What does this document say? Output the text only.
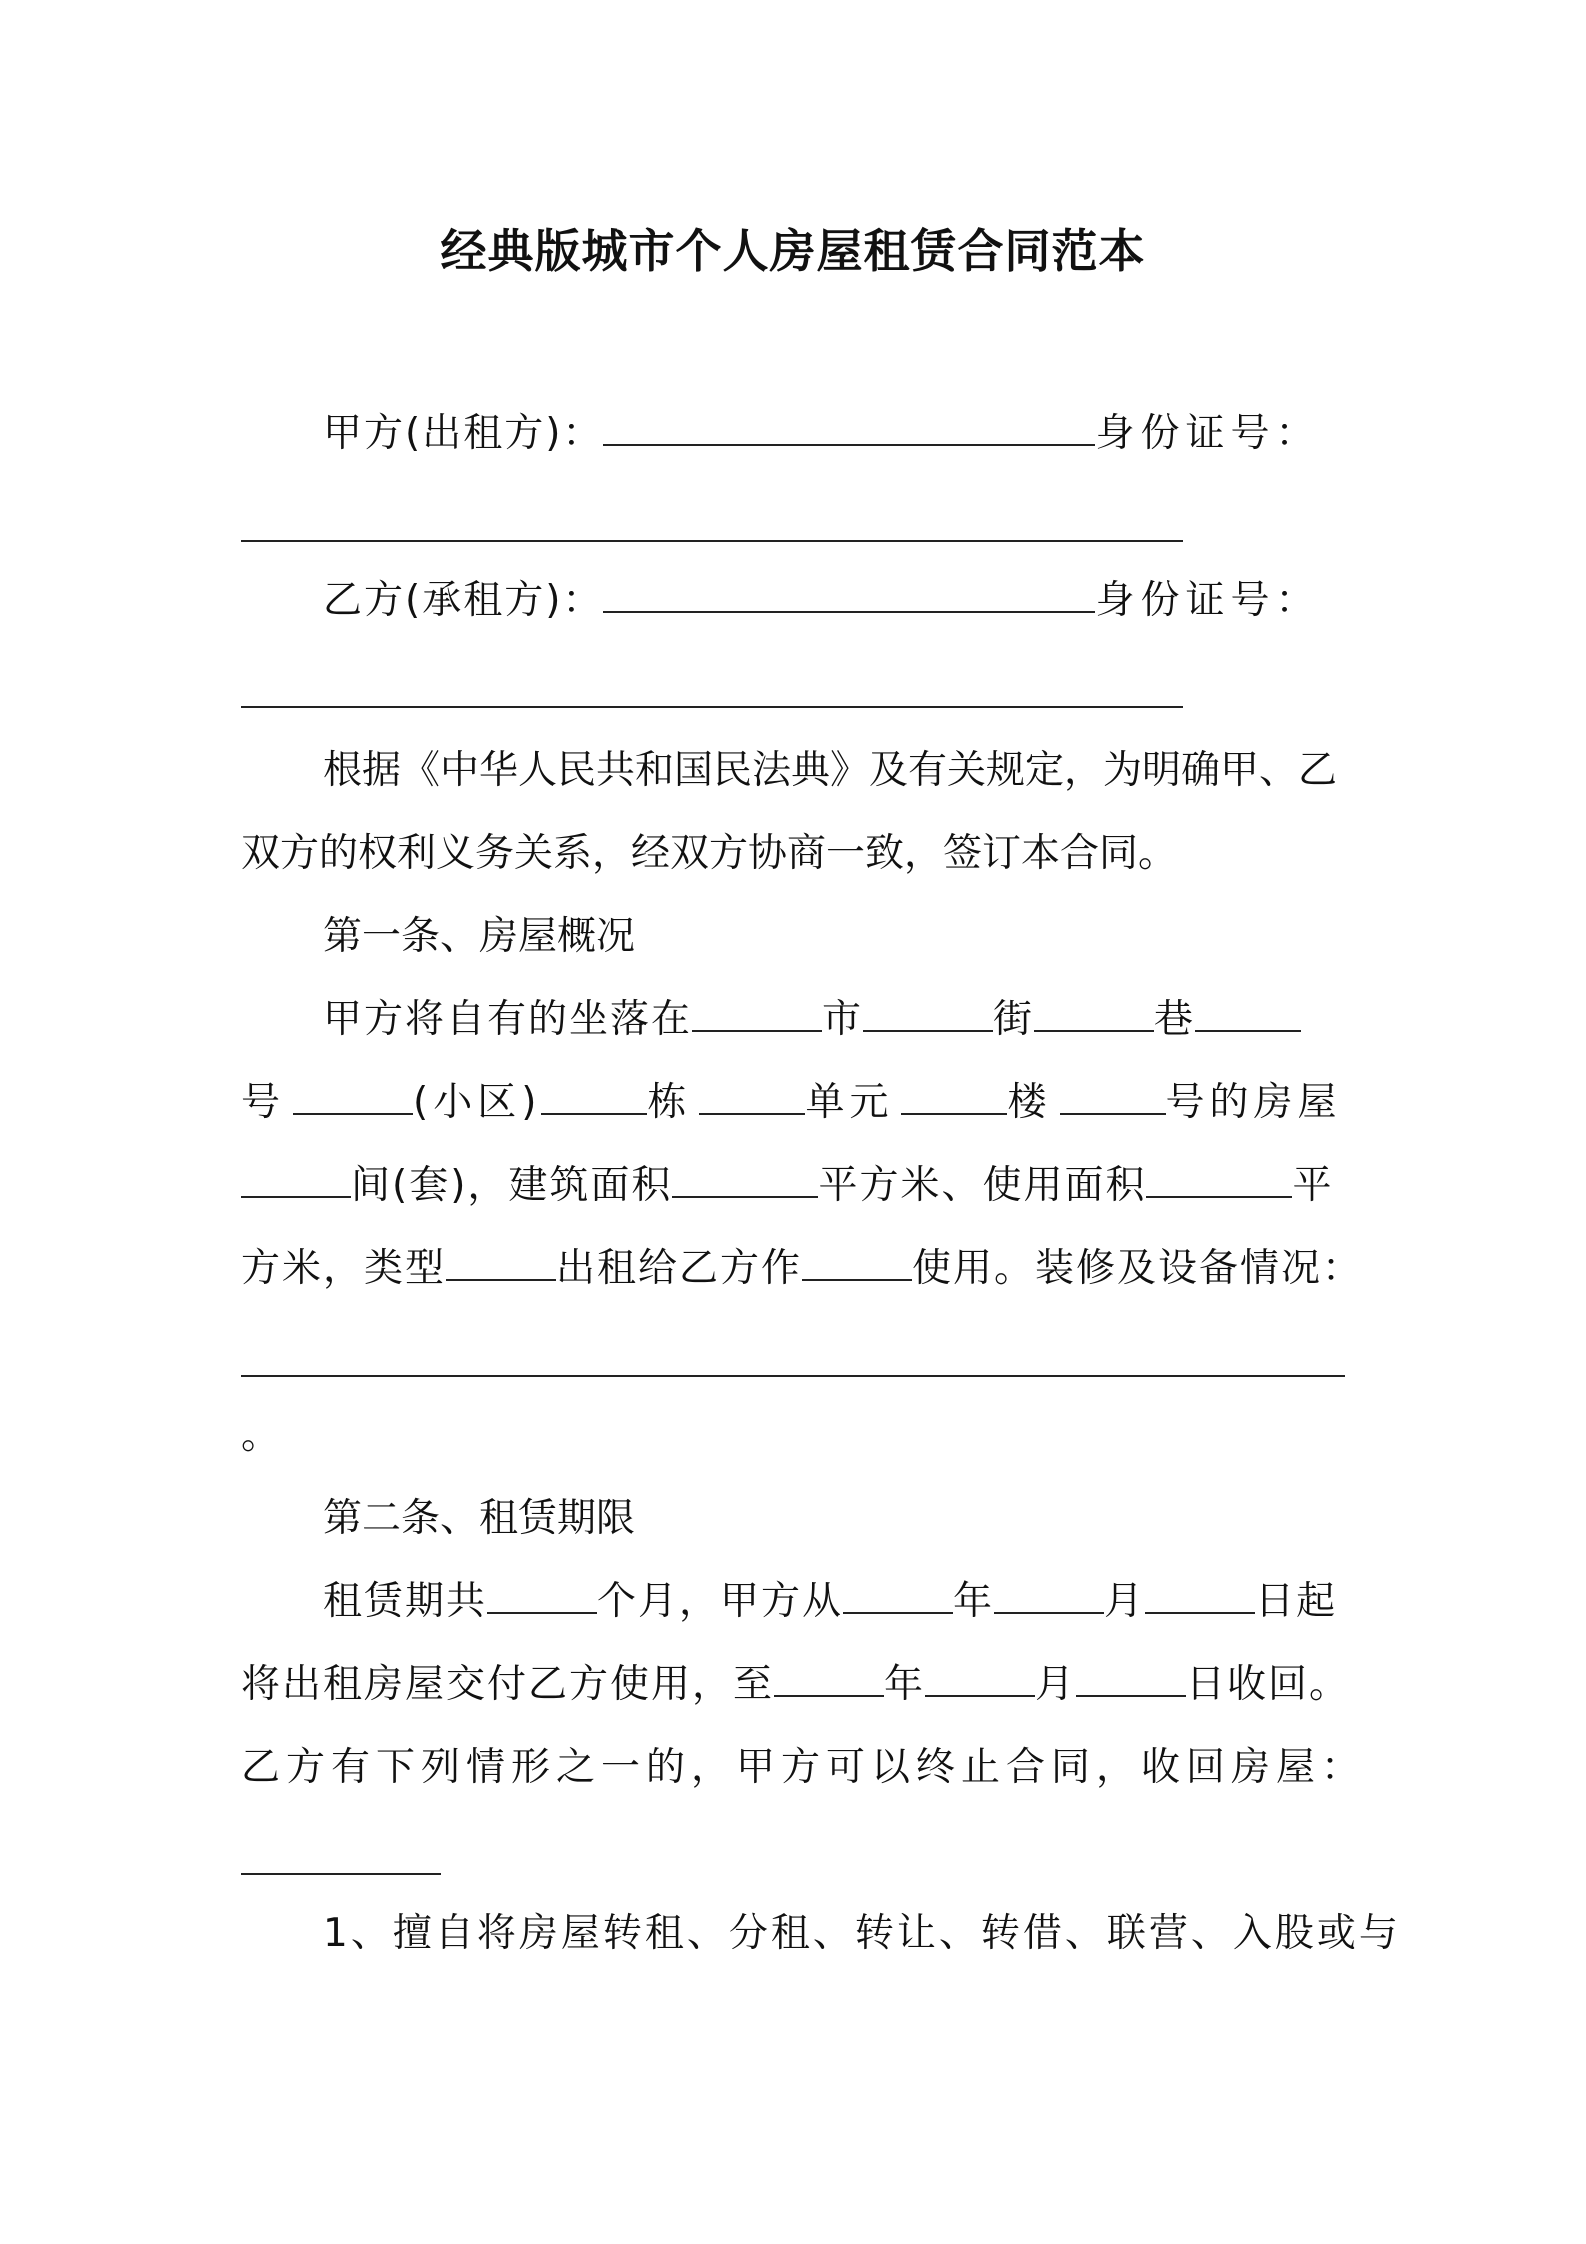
经典版城市个人房屋租赁合同范本
甲方(出租方)：	身份证号：
乙方(承租方)：	身份证号：
根据《中华人民共和国民法典》及有关规定，为明确甲、乙
双方的权利义务关系，经双方协商一致，签订本合同。
第一条、房屋概况
甲方将自有的坐落在	市	街	巷
号	(小区)	栋	单元	楼	号的房屋
间(套)，建筑面积	平方米、使用面积	平
方米，类型	出租给乙方作	使用。装修及设备情况：
。
第二条、租赁期限
租赁期共	个月，甲方从	年	月	日起
将出租房屋交付乙方使用，至	年	月	日收回。
乙方有下列情形之一的，甲方可以终止合同，收回房屋：
1、擅自将房屋转租、分租、转让、转借、联营、入股或与
